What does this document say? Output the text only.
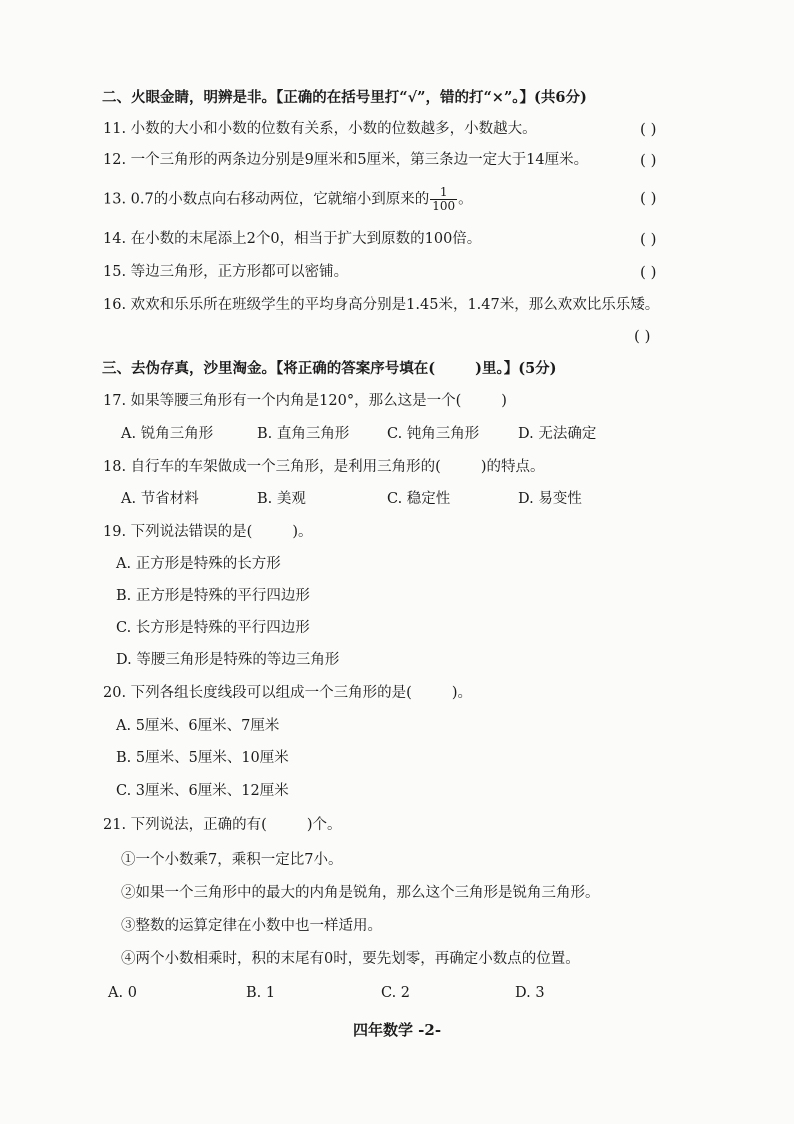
二、火眼金睛，明辨是非。【正确的在括号里打“√”，错的打“×”。】(共6分)
11. 小数的大小和小数的位数有关系，小数的位数越多，小数越大。	( )
12. 一个三角形的两条边分别是9厘米和5厘米，第三条边一定大于14厘米。	( )
13. 0.7的小数点向右移动两位，它就缩小到原来的 $\frac{1}{100}$ 。	( )
14. 在小数的末尾添上2个0，相当于扩大到原数的100倍。	( )
15. 等边三角形，正方形都可以密铺。	( )
16. 欢欢和乐乐所在班级学生的平均身高分别是1.45米，1.47米，那么欢欢比乐乐矮。
( )
三、去伪存真，沙里淘金。【将正确的答案序号填在(	)里。】(5分)
17. 如果等腰三角形有一个内角是120°，那么这是一个(	)
A. 锐角三角形	B. 直角三角形	C. 钝角三角形	D. 无法确定
18. 自行车的车架做成一个三角形，是利用三角形的(	)的特点。
A. 节省材料	B. 美观	C. 稳定性	D. 易变性
19. 下列说法错误的是(	)。
A. 正方形是特殊的长方形
B. 正方形是特殊的平行四边形
C. 长方形是特殊的平行四边形
D. 等腰三角形是特殊的等边三角形
20. 下列各组长度线段可以组成一个三角形的是(	)。
A. 5厘米、6厘米、7厘米
B. 5厘米、5厘米、10厘米
C. 3厘米、6厘米、12厘米
21. 下列说法，正确的有(	)个。
①一个小数乘7，乘积一定比7小。
②如果一个三角形中的最大的内角是锐角，那么这个三角形是锐角三角形。
③整数的运算定律在小数中也一样适用。
④两个小数相乘时，积的末尾有0时，要先划零，再确定小数点的位置。
A. 0	B. 1	C. 2	D. 3
四年数学 -2-
